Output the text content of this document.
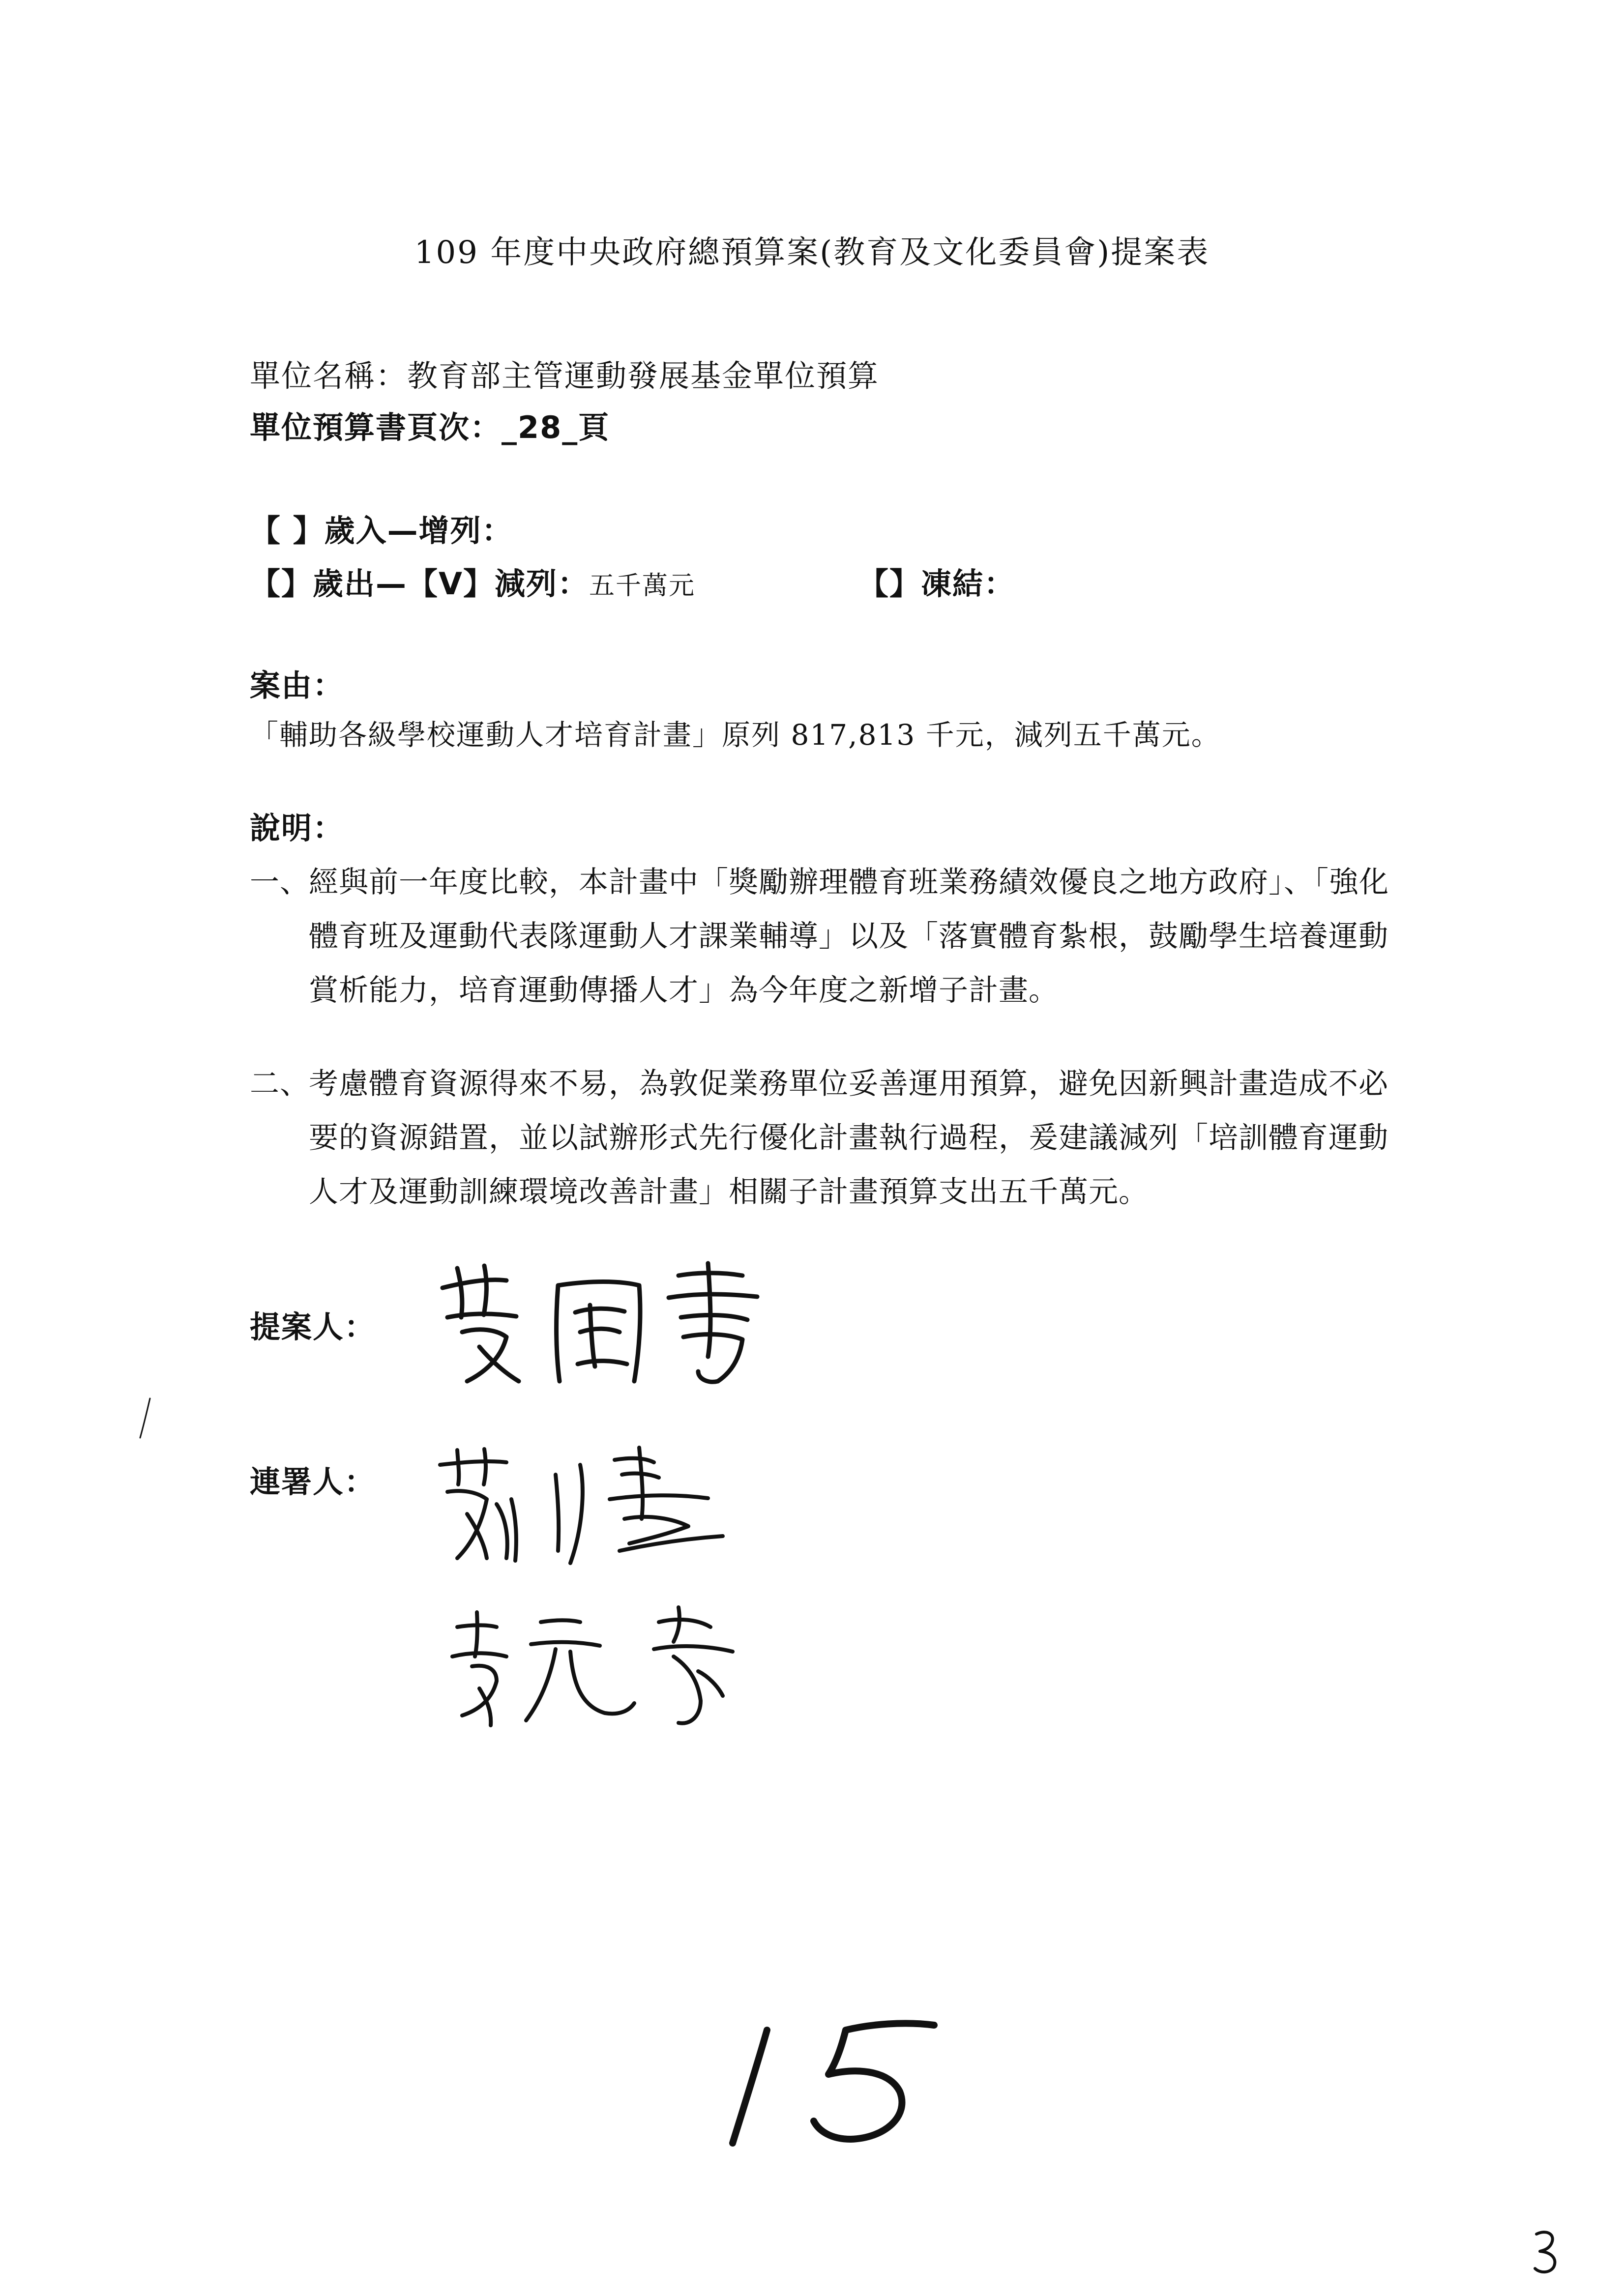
109 年度中央政府總預算案(教育及文化委員會)提案表
單位名稱：教育部主管運動發展基金單位預算
單位預算書頁次：_28_頁
【 】歲入—增列：
【】歲出—【V】減列：五千萬元	【】凍結：
案由：
「輔助各級學校運動人才培育計畫」原列 817,813 千元，減列五千萬元。
說明：
一、
經與前一年度比較，本計畫中「獎勵辦理體育班業務績效優良之地方政府」、「強化體育班及運動代表隊運動人才課業輔導」以及「落實體育紮根，鼓勵學生培養運動賞析能力，培育運動傳播人才」為今年度之新增子計畫。
二、
考慮體育資源得來不易，為敦促業務單位妥善運用預算，避免因新興計畫造成不必要的資源錯置，並以試辦形式先行優化計畫執行過程，爰建議減列「培訓體育運動人才及運動訓練環境改善計畫」相關子計畫預算支出五千萬元。
提案人：
連署人：
